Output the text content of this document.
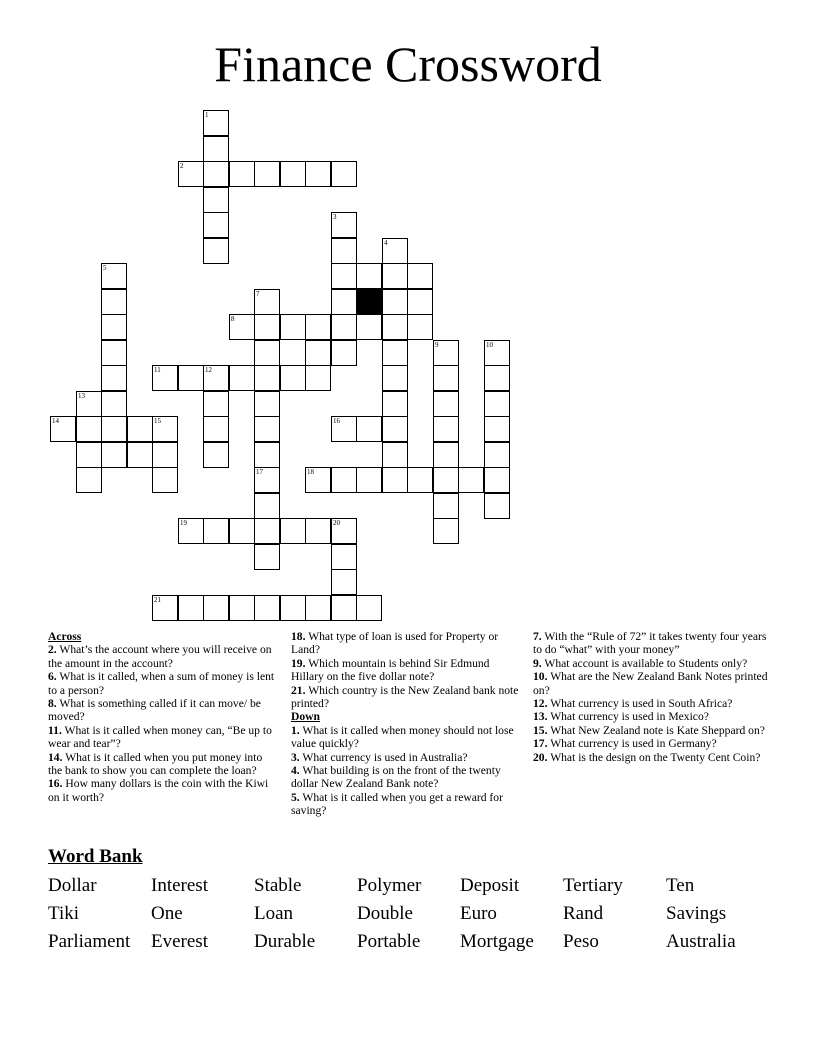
Finance Crossword
1
2
3
4
5
7
8
9	10
11	12
13
14	15	16
17	18
19	20
21
Across
2. What’s the account where you will receive on the amount in the account?
6. What is it called, when a sum of money is lent to a person?
8. What is something called if it can move/ be moved?
11. What is it called when money can, “Be up to wear and tear”?
14. What is it called when you put money into the bank to show you can complete the loan?
16. How many dollars is the coin with the Kiwi on it worth?
18. What type of loan is used for Property or Land?
19. Which mountain is behind Sir Edmund Hillary on the five dollar note?
21. Which country is the New Zealand bank note printed?
Down
1. What is it called when money should not lose value quickly?
3. What currency is used in Australia?
4. What building is on the front of the twenty dollar New Zealand Bank note?
5. What is it called when you get a reward for saving?
7. With the “Rule of 72” it takes twenty four years to do “what” with your money”
9. What account is available to Students only?
10. What are the New Zealand Bank Notes printed on?
12. What currency is used in South Africa?
13. What currency is used in Mexico?
15. What New Zealand note is Kate Sheppard on?
17. What currency is used in Germany?
20. What is the design on the Twenty Cent Coin?
Word Bank
Dollar	Interest	Stable	Polymer	Deposit	Tertiary	Ten
Tiki	One	Loan	Double	Euro	Rand	Savings
Parliament	Everest	Durable	Portable	Mortgage	Peso	Australia
